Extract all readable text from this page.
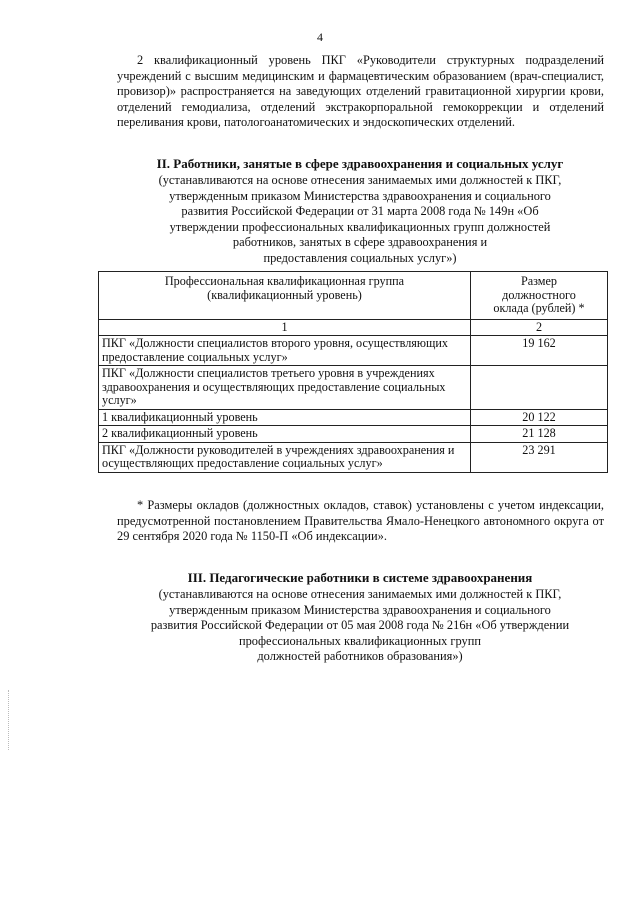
4

2 квалификационный уровень ПКГ «Руководители структурных подразделений учреждений с высшим медицинским и фармацевтическим образованием (врач-специалист, провизор)» распространяется на заведующих отделений гравитационной хирургии крови, отделений гемодиализа, отделений экстракорпоральной гемокоррекции и отделений переливания крови, патологоанатомических и эндоскопических отделений.

II. Работники, занятые в сфере здравоохранения и социальных услуг

(устанавливаются на основе отнесения занимаемых ими должностей к ПКГ,
утвержденным приказом Министерства здравоохранения и социального
развития Российской Федерации от 31 марта 2008 года № 149н «Об
утверждении профессиональных квалификационных групп должностей
работников, занятых в сфере здравоохранения и
предоставления социальных услуг»)

Профессиональная квалификационная группа
(квалификационный уровень)	Размер
должностного
оклада (рублей) *

1	2
ПКГ «Должности специалистов второго уровня, осуществляющих предоставление социальных услуг»	19 162
ПКГ «Должности специалистов третьего уровня в учреждениях здравоохранения и осуществляющих предоставление социальных услуг»	
1 квалификационный уровень	20 122
2 квалификационный уровень	21 128
ПКГ «Должности руководителей в учреждениях здравоохранения и осуществляющих предоставление социальных услуг»	23 291

* Размеры окладов (должностных окладов, ставок) установлены с учетом индексации, предусмотренной постановлением Правительства Ямало-Ненецкого автономного округа от 29 сентября 2020 года № 1150-П «Об индексации».

III. Педагогические работники в системе здравоохранения

(устанавливаются на основе отнесения занимаемых ими должностей к ПКГ,
утвержденным приказом Министерства здравоохранения и социального
развития Российской Федерации от 05 мая 2008 года № 216н «Об утверждении
профессиональных квалификационных групп
должностей работников образования»)
